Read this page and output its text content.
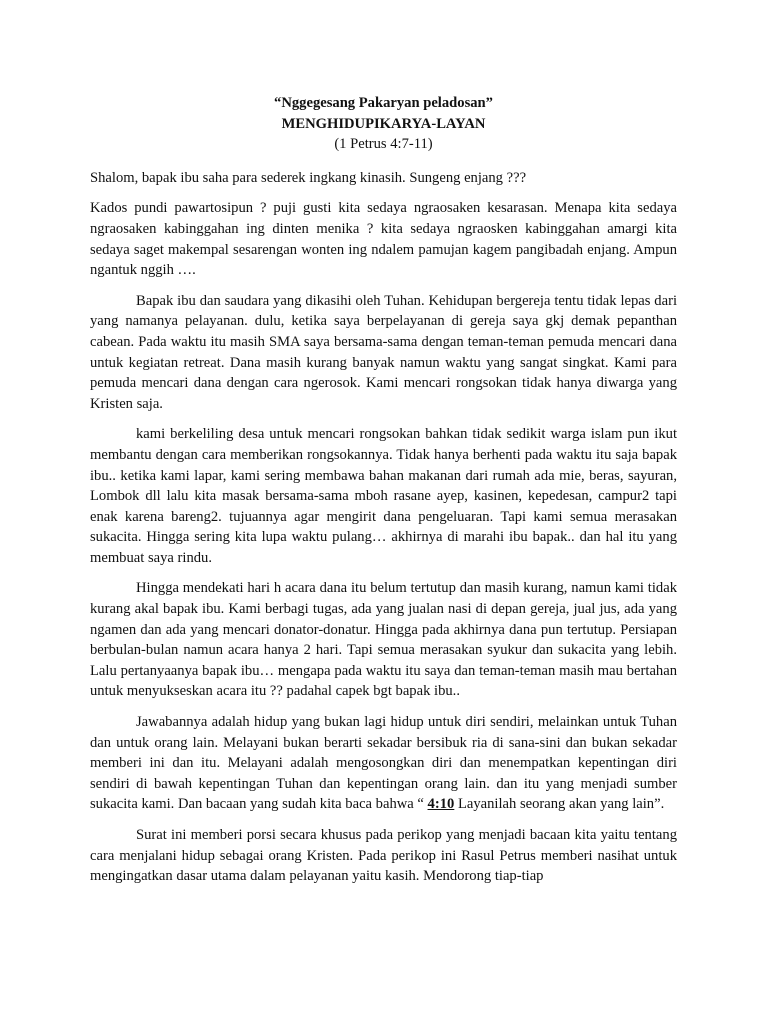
“Nggegesang Pakaryan peladosan”
MENGHIDUPIKARYA-LAYAN
(1 Petrus 4:7-11)

Shalom, bapak ibu saha para sederek ingkang kinasih. Sungeng enjang ???

Kados pundi pawartosipun ? puji gusti kita sedaya ngraosaken kesarasan. Menapa kita sedaya ngraosaken kabinggahan ing dinten menika ? kita sedaya ngraosken kabinggahan amargi kita sedaya saget makempal sesarengan wonten ing ndalem pamujan kagem pangibadah enjang. Ampun ngantuk nggih ….

Bapak ibu dan saudara yang dikasihi oleh Tuhan. Kehidupan bergereja tentu tidak lepas dari yang namanya pelayanan. dulu, ketika saya berpelayanan di gereja saya gkj demak pepanthan cabean. Pada waktu itu masih SMA saya bersama-sama dengan teman-teman pemuda mencari dana untuk kegiatan retreat. Dana masih kurang banyak namun waktu yang sangat singkat. Kami para pemuda mencari dana dengan cara ngerosok. Kami mencari rongsokan tidak hanya diwarga yang Kristen saja.

kami berkeliling desa untuk mencari rongsokan bahkan tidak sedikit warga islam pun ikut membantu dengan cara memberikan rongsokannya. Tidak hanya berhenti pada waktu itu saja bapak ibu.. ketika kami lapar, kami sering membawa bahan makanan dari rumah ada mie, beras, sayuran, Lombok dll lalu kita masak bersama-sama mboh rasane ayep, kasinen, kepedesan, campur2 tapi enak karena bareng2. tujuannya agar mengirit dana pengeluaran. Tapi kami semua merasakan sukacita. Hingga sering kita lupa waktu pulang… akhirnya di marahi ibu bapak.. dan hal itu yang membuat saya rindu.

Hingga mendekati hari h acara dana itu belum tertutup dan masih kurang, namun kami tidak kurang akal bapak ibu. Kami berbagi tugas, ada yang jualan nasi di depan gereja, jual jus, ada yang ngamen dan ada yang mencari donator-donatur. Hingga pada akhirnya dana pun tertutup. Persiapan berbulan-bulan namun acara hanya 2 hari. Tapi semua merasakan syukur dan sukacita yang lebih. Lalu pertanyaanya bapak ibu… mengapa pada waktu itu saya dan teman-teman masih mau bertahan untuk menyukseskan acara itu ?? padahal capek bgt bapak ibu..

Jawabannya adalah hidup yang bukan lagi hidup untuk diri sendiri, melainkan untuk Tuhan dan untuk orang lain. Melayani bukan berarti sekadar bersibuk ria di sana-sini dan bukan sekadar memberi ini dan itu. Melayani adalah mengosongkan diri dan menempatkan kepentingan diri sendiri di bawah kepentingan Tuhan dan kepentingan orang lain. dan itu yang menjadi sumber sukacita kami. Dan bacaan yang sudah kita baca bahwa “ 4:10 Layanilah seorang akan yang lain”.

Surat ini memberi porsi secara khusus pada perikop yang menjadi bacaan kita yaitu tentang cara menjalani hidup sebagai orang Kristen. Pada perikop ini Rasul Petrus memberi nasihat untuk mengingatkan dasar utama dalam pelayanan yaitu kasih. Mendorong tiap-tiap
